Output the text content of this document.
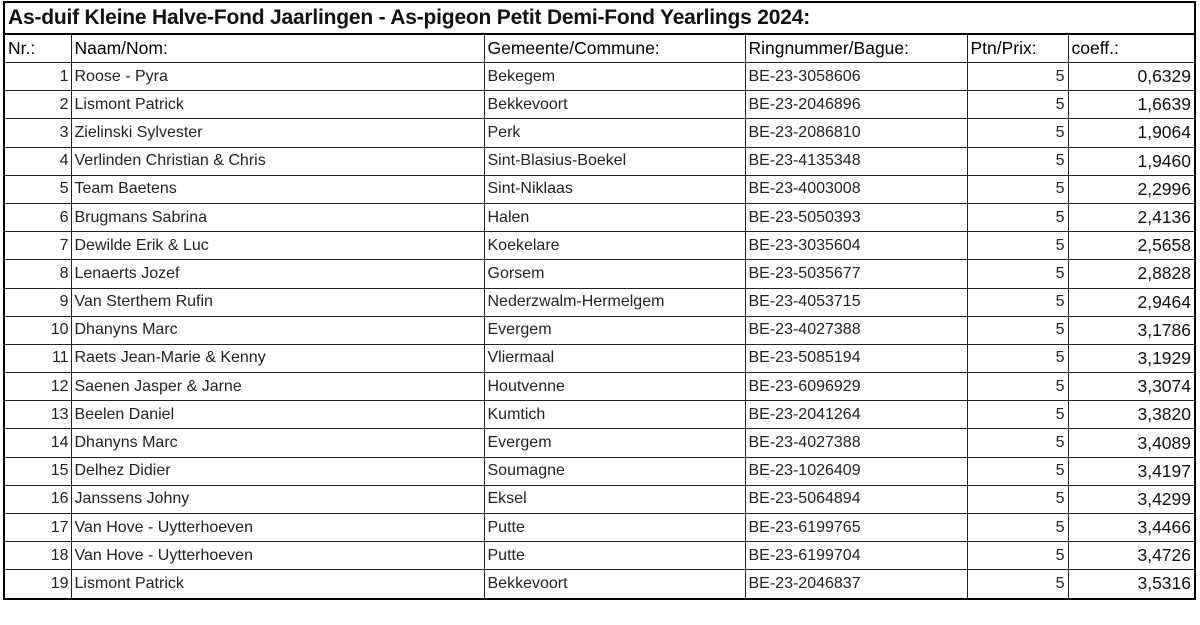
As-duif Kleine Halve-Fond Jaarlingen - As-pigeon Petit Demi-Fond Yearlings 2024:
Nr.:	Naam/Nom:	Gemeente/Commune:	Ringnummer/Bague:	Ptn/Prix:	coeff.:
1	Roose - Pyra	Bekegem	BE-23-3058606	5	0,6329
2	Lismont Patrick	Bekkevoort	BE-23-2046896	5	1,6639
3	Zielinski Sylvester	Perk	BE-23-2086810	5	1,9064
4	Verlinden Christian & Chris	Sint-Blasius-Boekel	BE-23-4135348	5	1,9460
5	Team Baetens	Sint-Niklaas	BE-23-4003008	5	2,2996
6	Brugmans Sabrina	Halen	BE-23-5050393	5	2,4136
7	Dewilde Erik & Luc	Koekelare	BE-23-3035604	5	2,5658
8	Lenaerts Jozef	Gorsem	BE-23-5035677	5	2,8828
9	Van Sterthem Rufin	Nederzwalm-Hermelgem	BE-23-4053715	5	2,9464
10	Dhanyns Marc	Evergem	BE-23-4027388	5	3,1786
11	Raets Jean-Marie & Kenny	Vliermaal	BE-23-5085194	5	3,1929
12	Saenen Jasper & Jarne	Houtvenne	BE-23-6096929	5	3,3074
13	Beelen Daniel	Kumtich	BE-23-2041264	5	3,3820
14	Dhanyns Marc	Evergem	BE-23-4027388	5	3,4089
15	Delhez Didier	Soumagne	BE-23-1026409	5	3,4197
16	Janssens Johny	Eksel	BE-23-5064894	5	3,4299
17	Van Hove - Uytterhoeven	Putte	BE-23-6199765	5	3,4466
18	Van Hove - Uytterhoeven	Putte	BE-23-6199704	5	3,4726
19	Lismont Patrick	Bekkevoort	BE-23-2046837	5	3,5316
